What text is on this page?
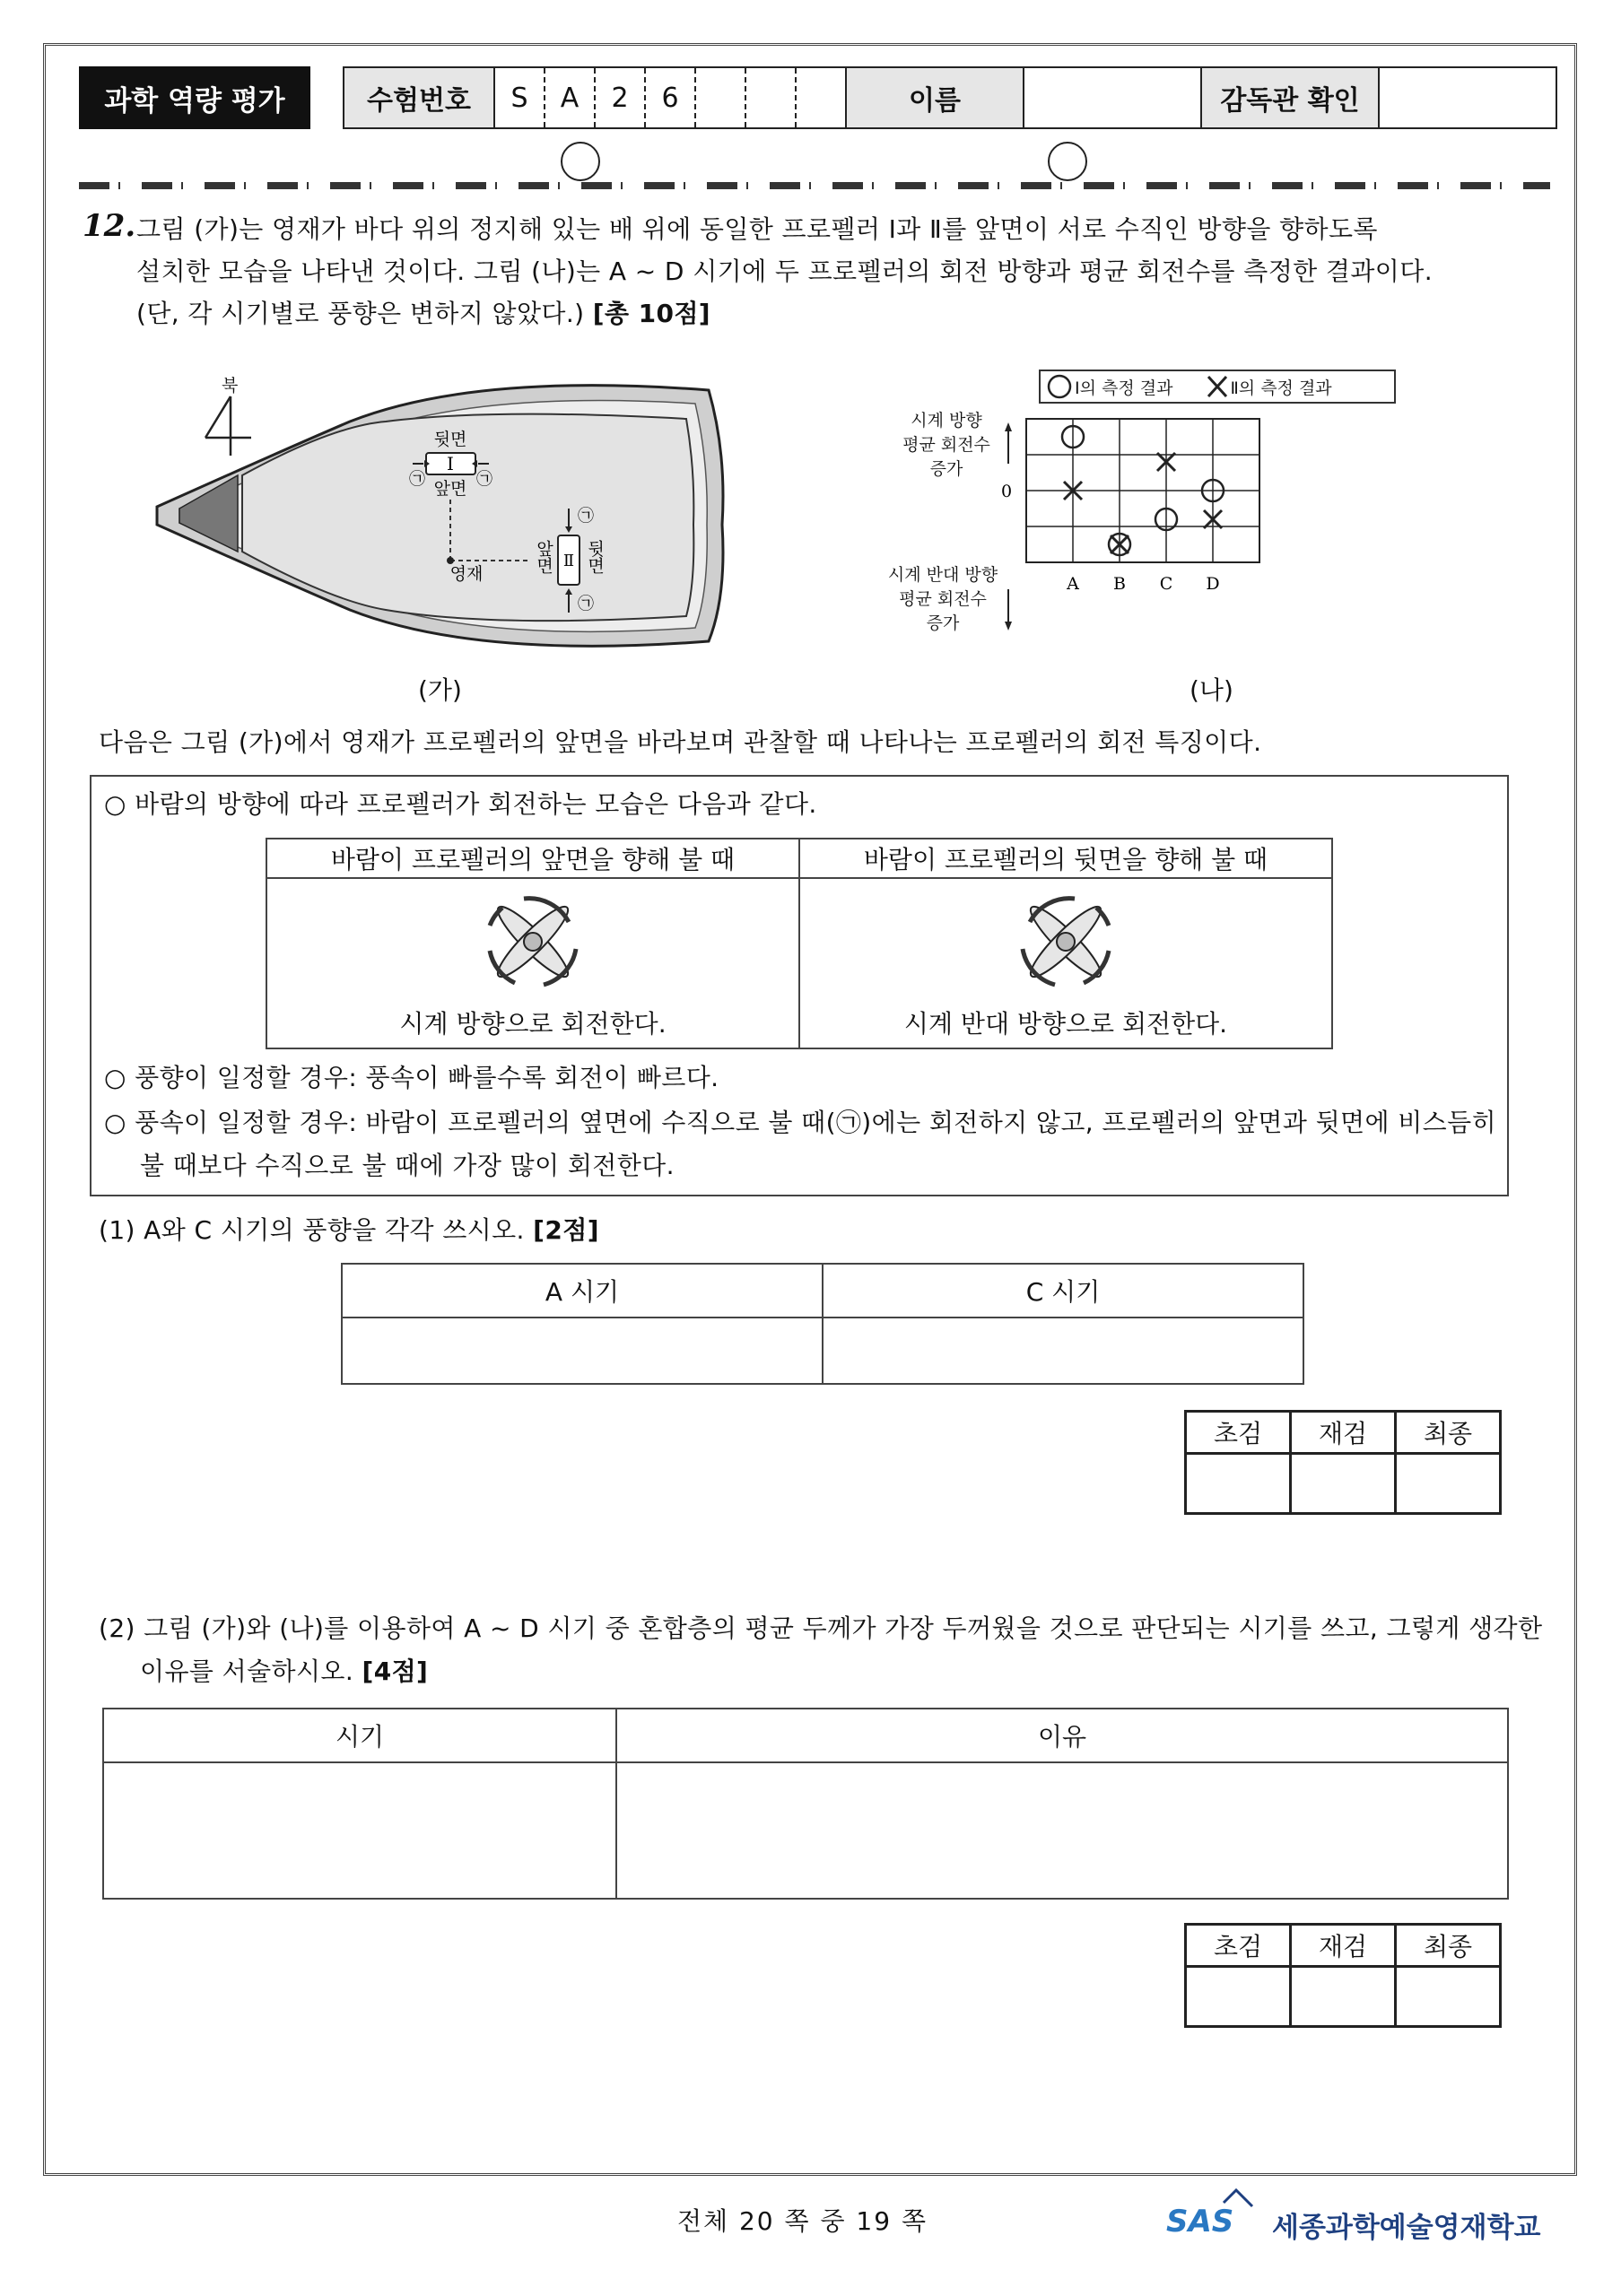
과학 역량 평가	수험번호	S	A	2	6				이름		감독관 확인	
12. 그림 (가)는 영재가 바다 위의 정지해 있는 배 위에 동일한 프로펠러 Ⅰ과 Ⅱ를 앞면이 서로 수직인 방향을 향하도록
설치한 모습을 나타낸 것이다. 그림 (나)는 A ~ D 시기에 두 프로펠러의 회전 방향과 평균 회전수를 측정한 결과이다.
(단, 각 시기별로 풍향은 변하지 않았다.) [총 10점]
Ⅰ
뒷면
앞면
㉠	㉠
영재
Ⅱ
앞면 뒷면
㉠
㉠
북
(가)
Ⅰ의 측정 결과	Ⅱ의 측정 결과
시계 방향
평균 회전수
증가
시계 반대 방향
평균 회전수
증가
A B C D
0
(나)
다음은 그림 (가)에서 영재가 프로펠러의 앞면을 바라보며 관찰할 때 나타나는 프로펠러의 회전 특징이다.
○ 바람의 방향에 따라 프로펠러가 회전하는 모습은 다음과 같다.
바람이 프로펠러의 앞면을 향해 불 때	바람이 프로펠러의 뒷면을 향해 불 때

시계 방향으로 회전한다.	시계 반대 방향으로 회전한다.
○ 풍향이 일정할 경우: 풍속이 빠를수록 회전이 빠르다.
○ 풍속이 일정할 경우: 바람이 프로펠러의 옆면에 수직으로 불 때(㉠)에는 회전하지 않고, 프로펠러의 앞면과 뒷면에 비스듬히
불 때보다 수직으로 불 때에 가장 많이 회전한다.
(1) A와 C 시기의 풍향을 각각 쓰시오. [2점]
A 시기	C 시기

초검	재검	최종

(2) 그림 (가)와 (나)를 이용하여 A ~ D 시기 중 혼합층의 평균 두께가 가장 두꺼웠을 것으로 판단되는 시기를 쓰고, 그렇게 생각한
이유를 서술하시오. [4점]
시기	이유

초검	재검	최종

전체 20 쪽 중 19 쪽	SAS 세종과학예술영재학교
